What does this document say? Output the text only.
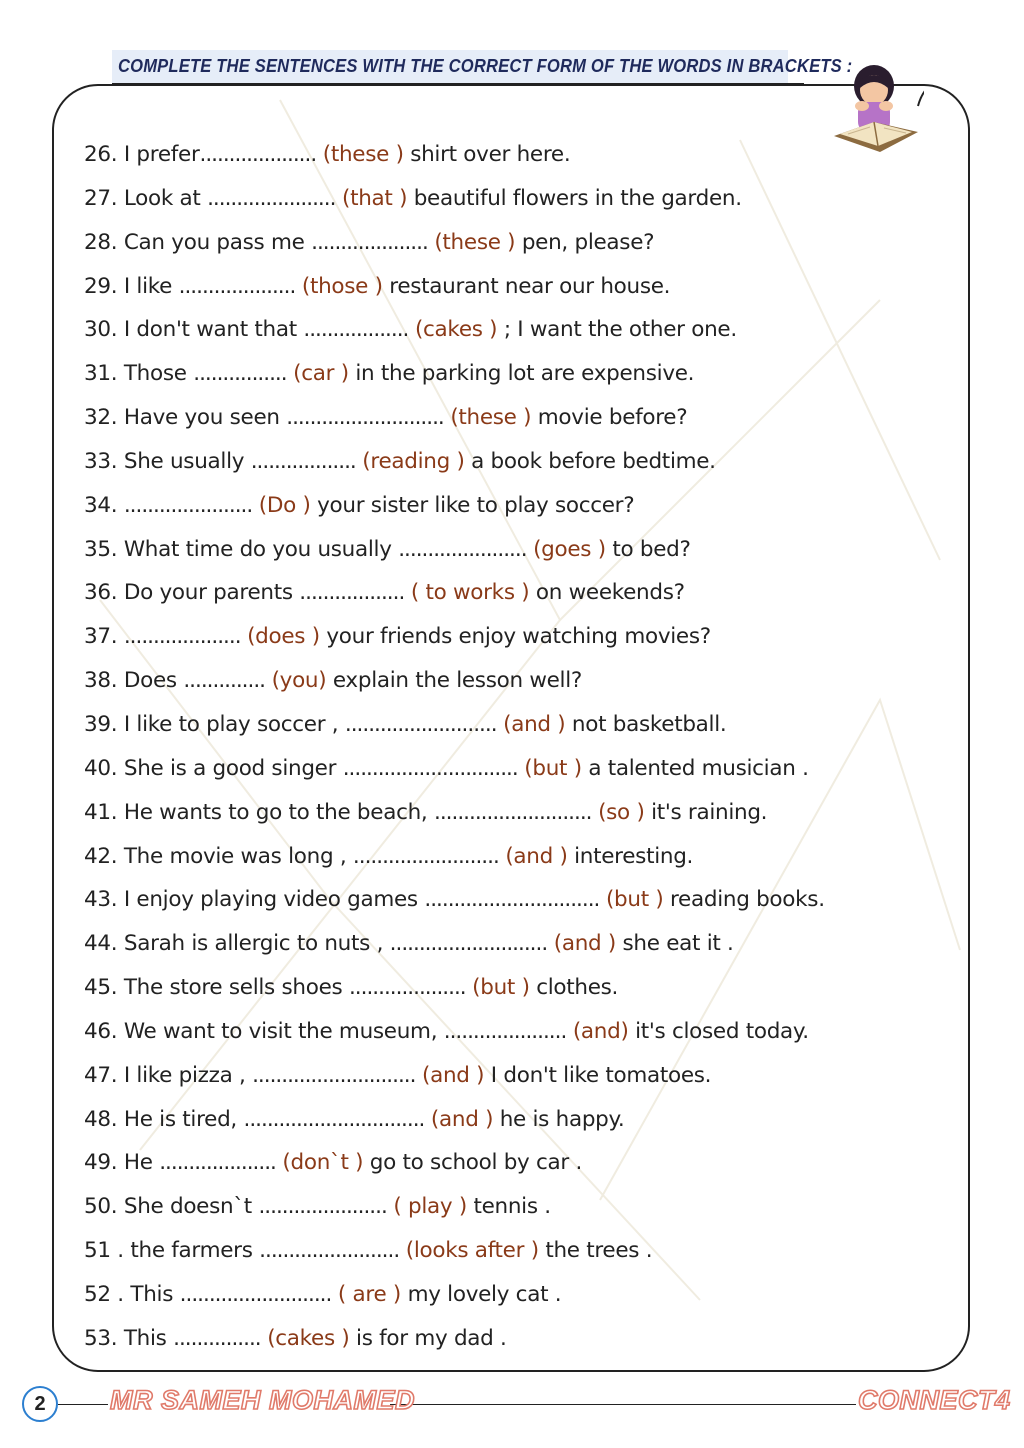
COMPLETE THE SENTENCES WITH THE CORRECT FORM OF THE WORDS IN BRACKETS :
26. I prefer.................... (these ) shirt over here.
27. Look at ...................... (that ) beautiful flowers in the garden.
28. Can you pass me .................... (these ) pen, please?
29. I like .................... (those ) restaurant near our house.
30. I don't want that .................. (cakes ) ; I want the other one.
31. Those ................ (car ) in the parking lot are expensive.
32. Have you seen ........................... (these ) movie before?
33. She usually .................. (reading ) a book before bedtime.
34. ...................... (Do ) your sister like to play soccer?
35. What time do you usually ...................... (goes ) to bed?
36. Do your parents .................. ( to works ) on weekends?
37. .................... (does ) your friends enjoy watching movies?
38. Does .............. (you) explain the lesson well?
39. I like to play soccer , .......................... (and ) not basketball.
40. She is a good singer .............................. (but ) a talented musician .
41. He wants to go to the beach, ........................... (so ) it's raining.
42. The movie was long , ......................... (and ) interesting.
43. I enjoy playing video games .............................. (but ) reading books.
44. Sarah is allergic to nuts , ........................... (and ) she eat it .
45. The store sells shoes .................... (but ) clothes.
46. We want to visit the museum, ..................... (and) it's closed today.
47. I like pizza , ............................ (and ) I don't like tomatoes.
48. He is tired, ............................... (and ) he is happy.
49. He .................... (don`t ) go to school by car .
50. She doesn`t ...................... ( play ) tennis .
51 . the farmers ........................ (looks after ) the trees .
52 . This .......................... ( are ) my lovely cat .
53. This ............... (cakes ) is for my dad .
2	MR SAMEH MOHAMED	CONNECT4
